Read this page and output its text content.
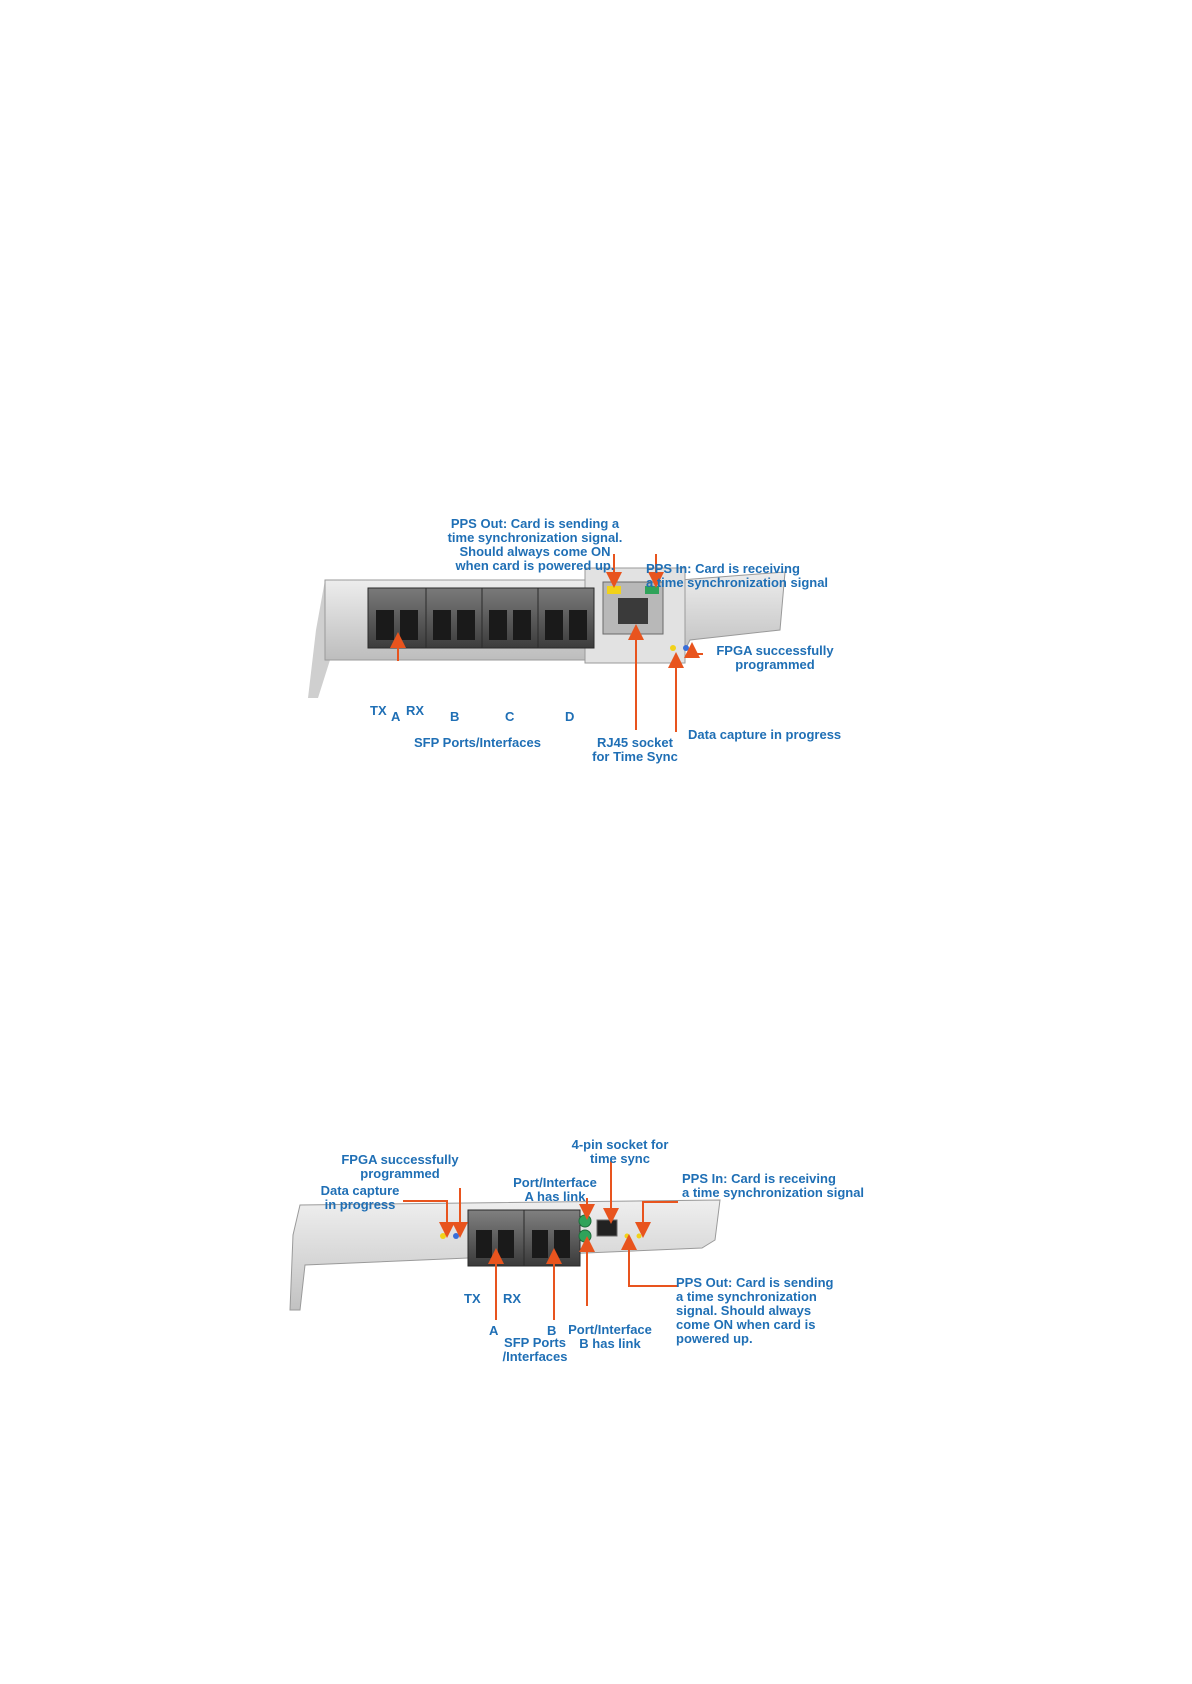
PPS Out: Card is sending a
time synchronization signal.
Should always come ON
when card is powered up.	PPS In: Card is receiving
a time synchronization signal
FPGA successfully
programmed
Data capture in progress
RJ45 socket
for Time Sync
SFP Ports/Interfaces
TX RX
A	B	C	D
FPGA successfully
programmed
Data capture
in progress
4-pin socket for
time sync
Port/Interface
A has link
Port/Interface
B has link
PPS In: Card is receiving
a time synchronization signal
PPS Out: Card is sending
a time synchronization
signal. Should always
come ON when card is
powered up.
TX RX
A	B
SFP Ports
/Interfaces
